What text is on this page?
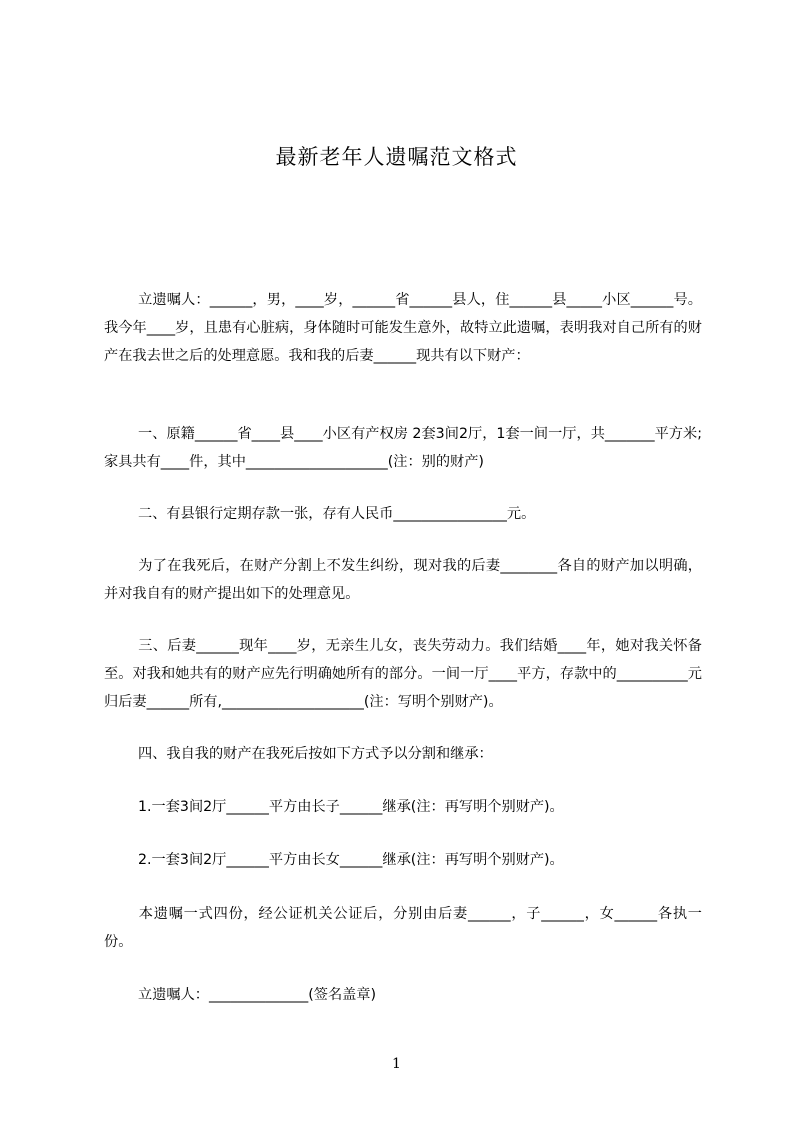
最新老年人遗嘱范文格式
立遗嘱人：______，男，____岁，______省______县人，住______县_____小区______号。我今年____岁，且患有心脏病，身体随时可能发生意外，故特立此遗嘱，表明我对自己所有的财产在我去世之后的处理意愿。我和我的后妻______现共有以下财产：
一、原籍______省____县____小区有产权房 2套3间2厅，1套一间一厅，共_______平方米;家具共有____件，其中____________________(注：别的财产)
二、有县银行定期存款一张，存有人民币________________元。
为了在我死后，在财产分割上不发生纠纷，现对我的后妻________各自的财产加以明确，并对我自有的财产提出如下的处理意见。
三、后妻______现年____岁，无亲生儿女，丧失劳动力。我们结婚____年，她对我关怀备至。对我和她共有的财产应先行明确她所有的部分。一间一厅____平方，存款中的__________元归后妻______所有,____________________(注：写明个别财产)。
四、我自我的财产在我死后按如下方式予以分割和继承：
1.一套3间2厅______平方由长子______继承(注：再写明个别财产)。
2.一套3间2厅______平方由长女______继承(注：再写明个别财产)。
本遗嘱一式四份，经公证机关公证后，分别由后妻______，子______，女______各执一份。
立遗嘱人：______________(签名盖章)
1
